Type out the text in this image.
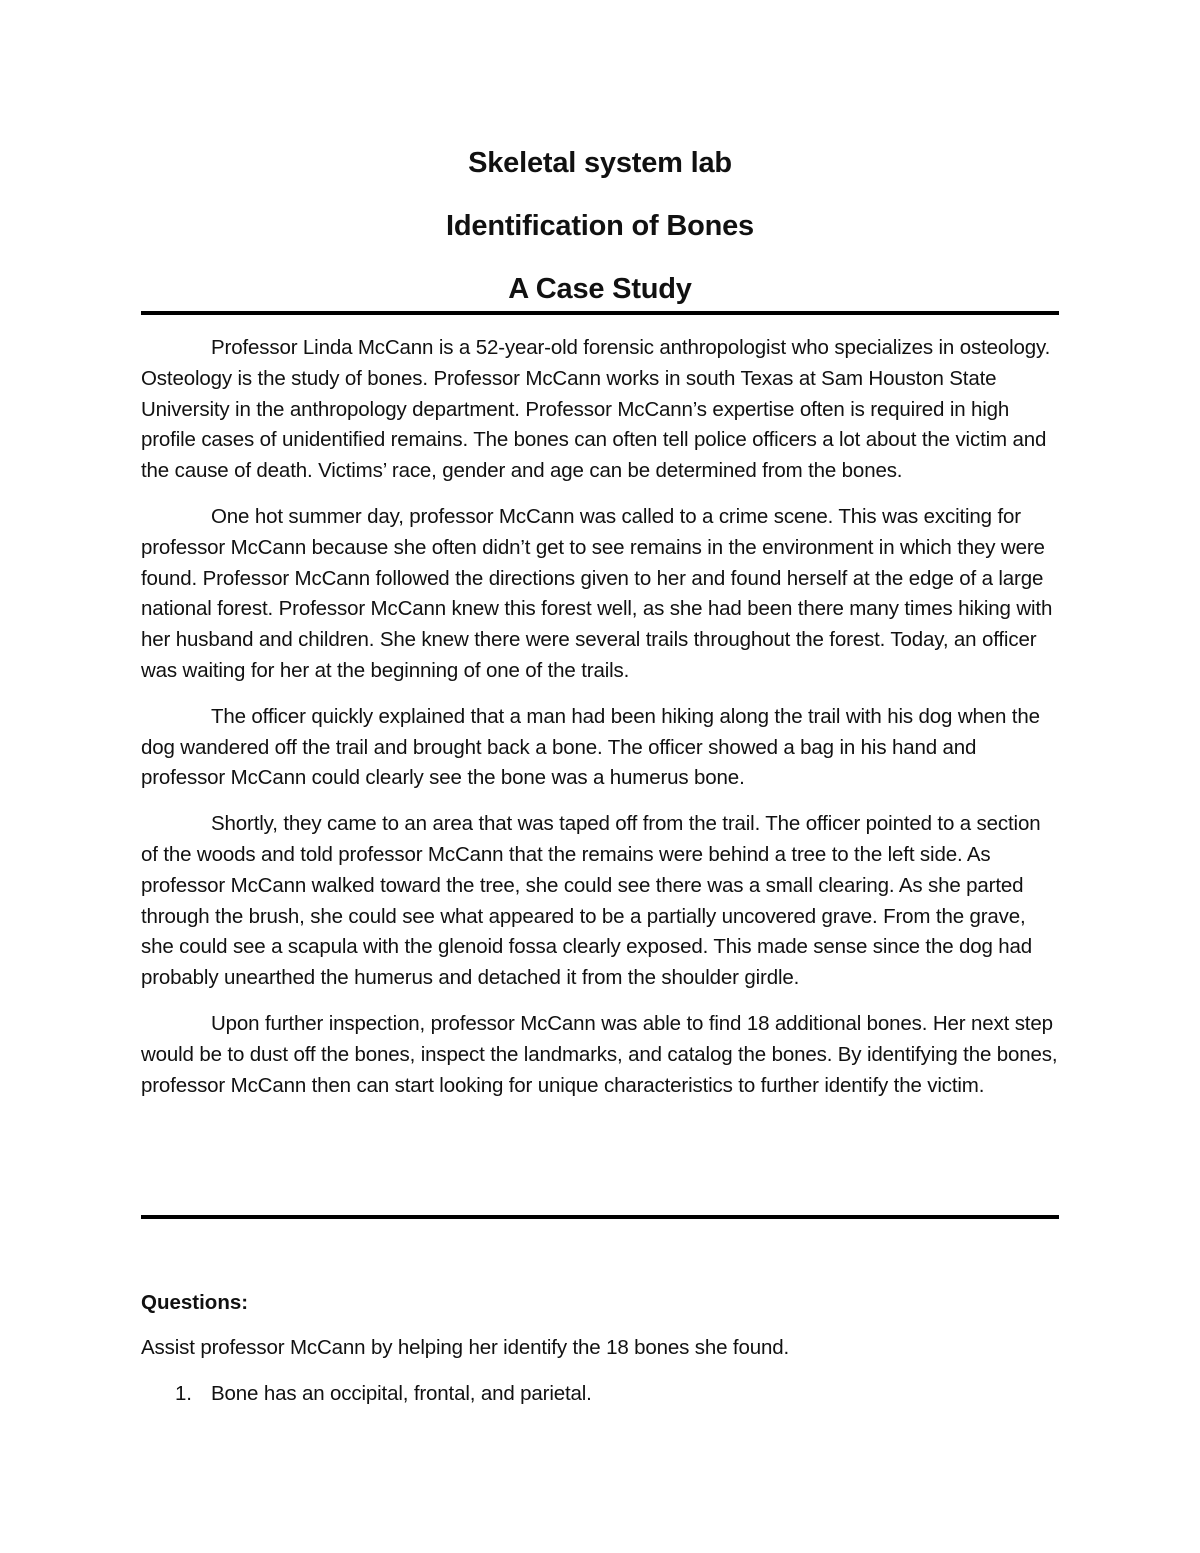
Skeletal system lab
Identification of Bones
A Case Study

Professor Linda McCann is a 52-year-old forensic anthropologist who specializes in osteology. Osteology is the study of bones. Professor McCann works in south Texas at Sam Houston State University in the anthropology department. Professor McCann’s expertise often is required in high profile cases of unidentified remains. The bones can often tell police officers a lot about the victim and the cause of death. Victims’ race, gender and age can be determined from the bones.

One hot summer day, professor McCann was called to a crime scene. This was exciting for professor McCann because she often didn’t get to see remains in the environment in which they were found. Professor McCann followed the directions given to her and found herself at the edge of a large national forest. Professor McCann knew this forest well, as she had been there many times hiking with her husband and children. She knew there were several trails throughout the forest. Today, an officer was waiting for her at the beginning of one of the trails.

The officer quickly explained that a man had been hiking along the trail with his dog when the dog wandered off the trail and brought back a bone. The officer showed a bag in his hand and professor McCann could clearly see the bone was a humerus bone.

Shortly, they came to an area that was taped off from the trail. The officer pointed to a section of the woods and told professor McCann that the remains were behind a tree to the left side. As professor McCann walked toward the tree, she could see there was a small clearing. As she parted through the brush, she could see what appeared to be a partially uncovered grave. From the grave, she could see a scapula with the glenoid fossa clearly exposed. This made sense since the dog had probably unearthed the humerus and detached it from the shoulder girdle.

Upon further inspection, professor McCann was able to find 18 additional bones. Her next step would be to dust off the bones, inspect the landmarks, and catalog the bones. By identifying the bones, professor McCann then can start looking for unique characteristics to further identify the victim.

Questions:
Assist professor McCann by helping her identify the 18 bones she found.
1. Bone has an occipital, frontal, and parietal.
